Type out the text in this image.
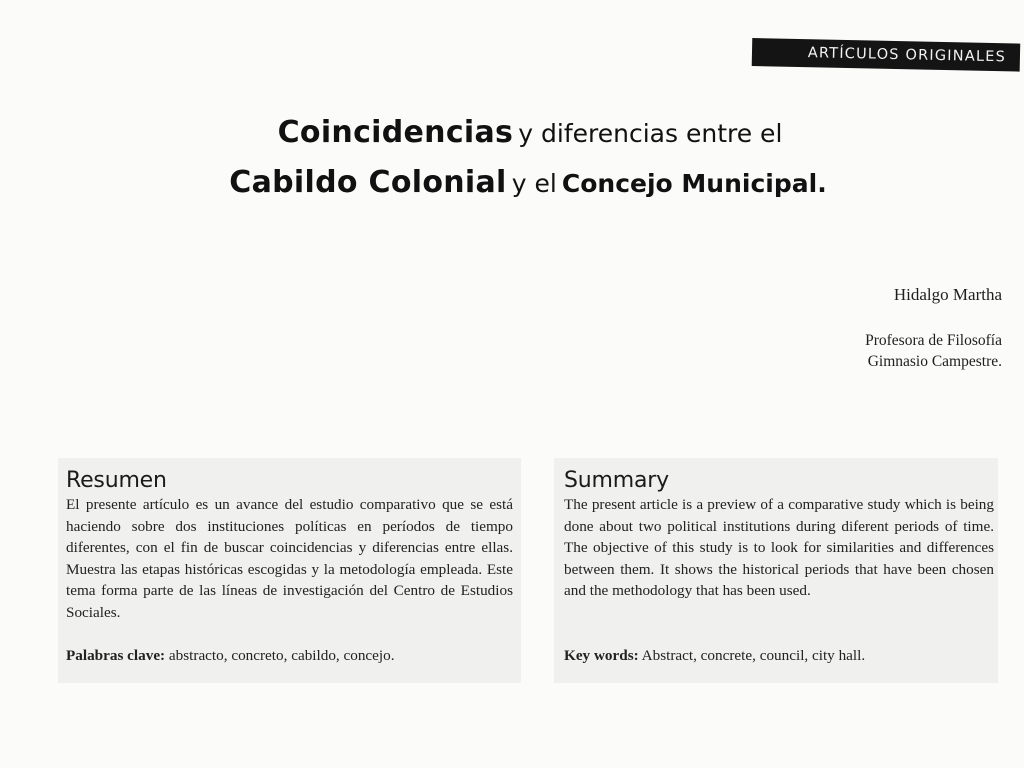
ARTÍCULOS ORIGINALES
Coincidencias y diferencias entre el
Cabildo Colonial y el Concejo Municipal.
Hidalgo Martha
Profesora de Filosofía
Gimnasio Campestre.
Resumen

El presente artículo es un avance del estudio comparativo que se está haciendo sobre dos instituciones políticas en períodos de tiempo diferentes, con el fin de buscar coincidencias y diferencias entre ellas. Muestra las etapas históricas escogidas y la metodología empleada. Este tema forma parte de las líneas de investigación del Centro de Estudios Sociales.

Palabras clave: abstracto, concreto, cabildo, concejo.
Summary

The present article is a preview of a comparative study which is being done about two political institutions during diferent periods of time. The objective of this study is to look for similarities and differences between them. It shows the historical periods that have been chosen and the methodology that has been used.

Key words: Abstract, concrete, council, city hall.
